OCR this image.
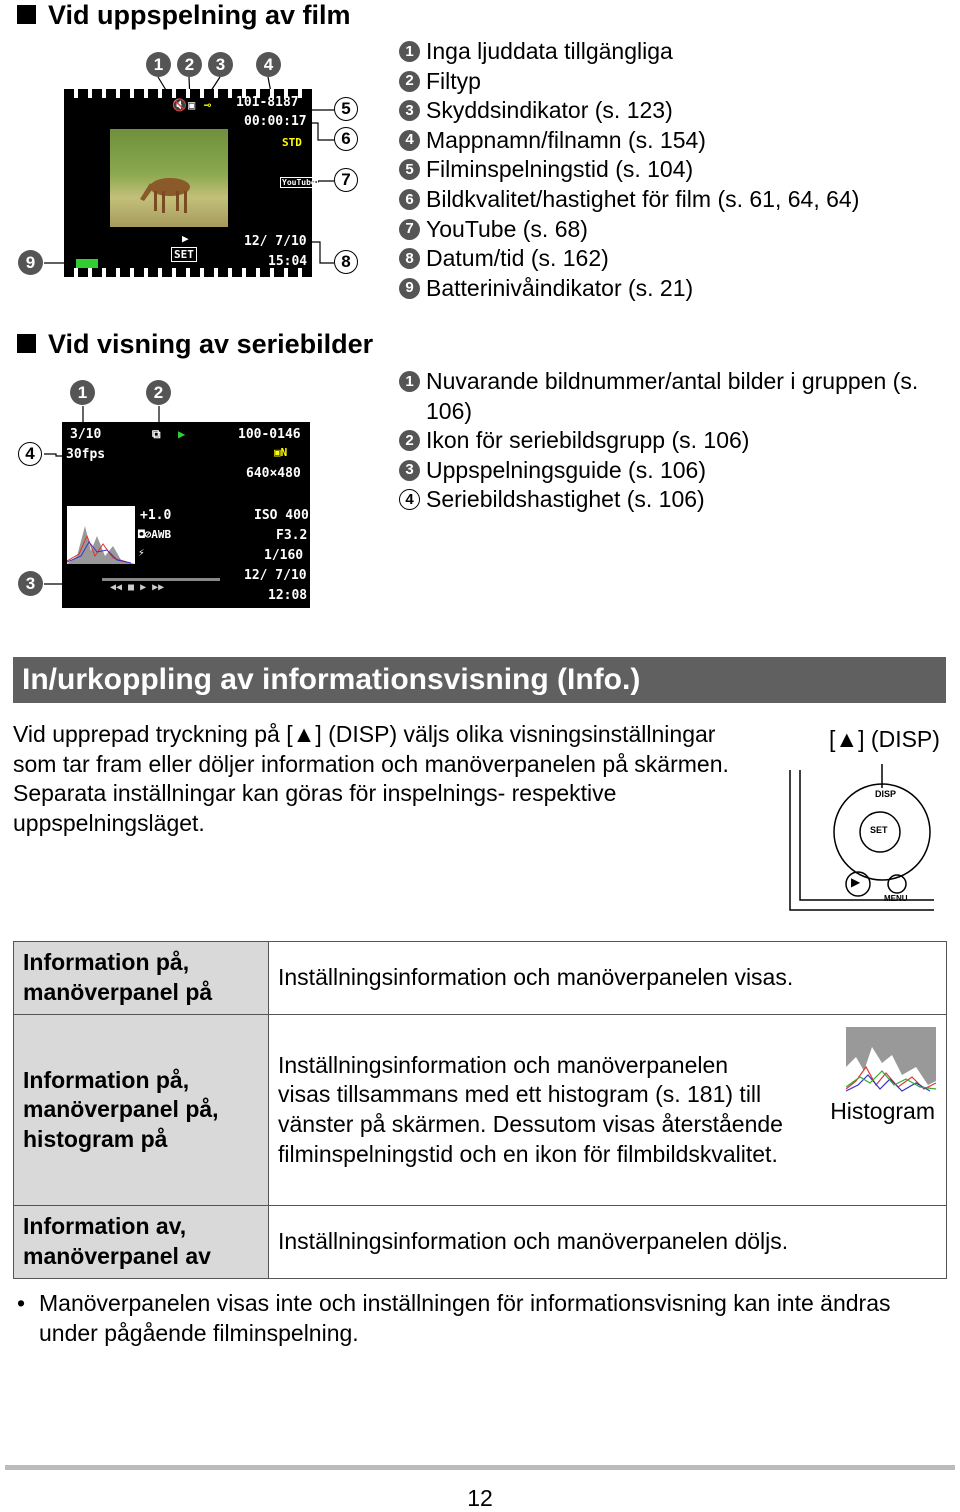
Vid uppspelning av film
1	2	3	4
5
6
7
8
9
🔇 ▣ ⊸ 101-8187
00:00:17
STD
YouTube
▶
SET
12/ 7/10
15:04
1 Inga ljuddata tillgängliga
2 Filtyp
3 Skyddsindikator (s. 123)
4 Mappnamn/filnamn (s. 154)
5 Filminspelningstid (s. 104)
6 Bildkvalitet/hastighet för film (s. 61, 64, 64)
7 YouTube (s. 68)
8 Datum/tid (s. 162)
9 Batterinivåindikator (s. 21)
Vid visning av seriebilder
1	2
3
4
3/10
30fps
⧉ ▶	100-0146
▣N
640×480
+1.0
◘⊘AWB
⚡
ISO 400
F3.2
1/160
12/ 7/10
12:08
◀◀ ■ ▶ ▶▶
1 Nuvarande bildnummer/antal bilder i gruppen (s. 106)
2 Ikon för seriebildsgrupp (s. 106)
3 Uppspelningsguide (s. 106)
4 Seriebildshastighet (s. 106)
In/urkoppling av informationsvisning (Info.)
Vid upprepad tryckning på [▲] (DISP) väljs olika visningsinställningar som tar fram eller döljer information och manöverpanelen på skärmen. Separata inställningar kan göras för inspelnings- respektive uppspelningsläget.
[▲] (DISP)
DISP
SET
▶
MENU
Information på, manöverpanel på	Inställningsinformation och manöverpanelen visas.
Information på, manöverpanel på, histogram på	Inställningsinformation och manöverpanelen visas tillsammans med ett histogram (s. 181) till vänster på skärmen. Dessutom visas återstående filminspelningstid och en ikon för filmbildskvalitet.
Histogram

Information av, manöverpanel av	Inställningsinformation och manöverpanelen döljs.
• Manöverpanelen visas inte och inställningen för informationsvisning kan inte ändras under pågående filminspelning.
12
